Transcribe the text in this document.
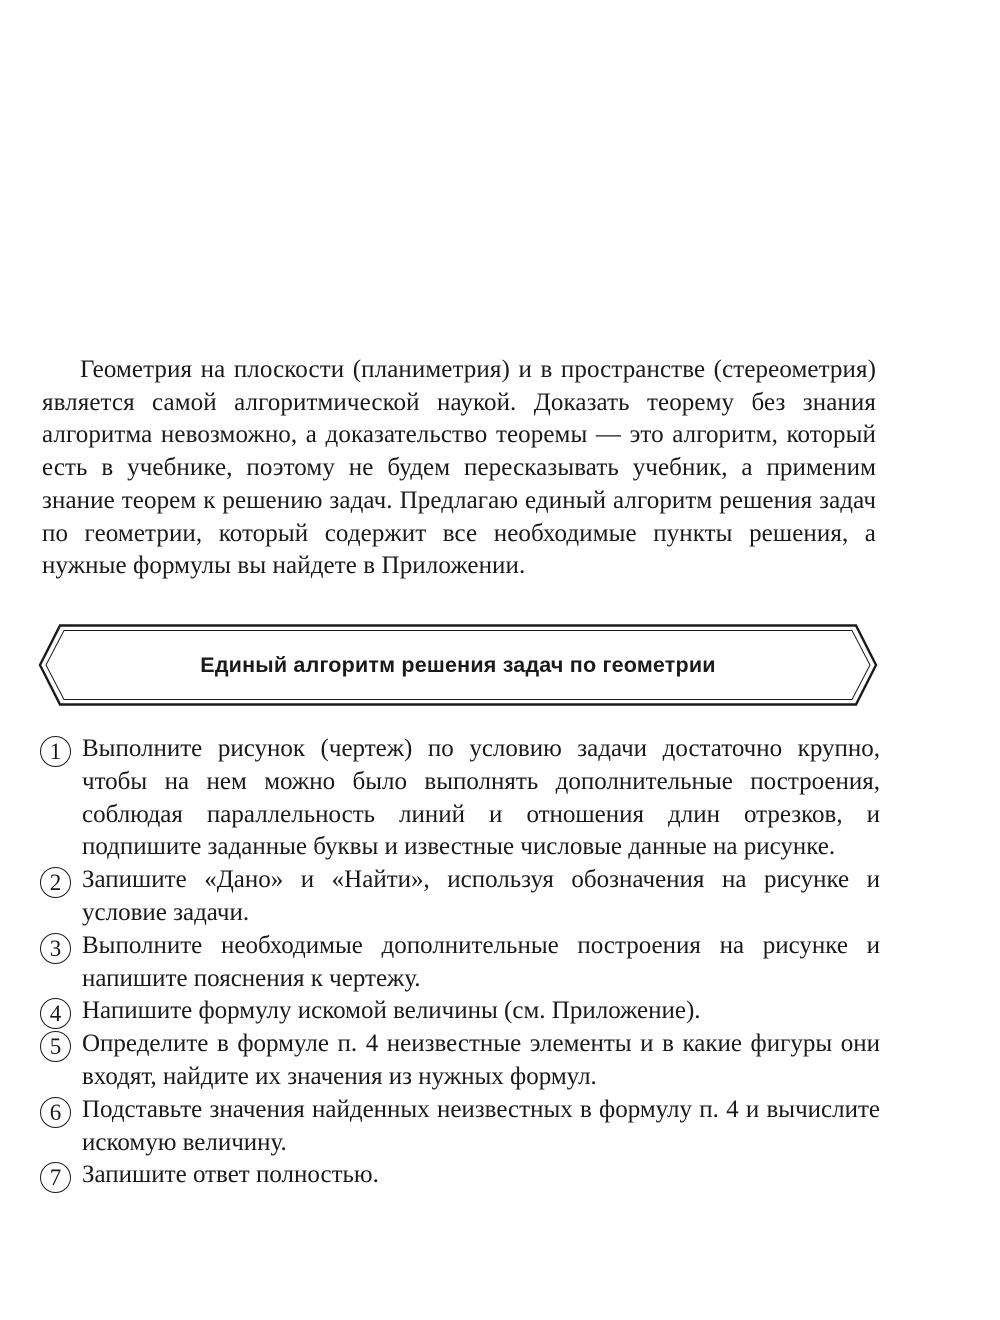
Геометрия на плоскости (планиметрия) и в пространстве (стереометрия) является самой алгоритмической наукой. Доказать теорему без знания алгоритма невозможно, а доказательство теоремы — это алгоритм, который есть в учебнике, поэтому не будем пересказывать учебник, а применим знание теорем к решению задач. Предлагаю единый алгоритм решения задач по геометрии, который содержит все необходимые пункты решения, а нужные формулы вы найдете в Приложении.

Единый алгоритм решения задач по геометрии
1 Выполните рисунок (чертеж) по условию задачи достаточно крупно, чтобы на нем можно было выполнять дополнительные построения, соблюдая параллельность линий и отношения длин отрезков, и подпишите заданные буквы и известные числовые данные на рисунке.
2 Запишите «Дано» и «Найти», используя обозначения на рисунке и условие задачи.
3 Выполните необходимые дополнительные построения на рисунке и напишите пояснения к чертежу.
4 Напишите формулу искомой величины (см. Приложение).
5 Определите в формуле п. 4 неизвестные элементы и в какие фигуры они входят, найдите их значения из нужных формул.
6 Подставьте значения найденных неизвестных в формулу п. 4 и вычислите искомую величину.
7 Запишите ответ полностью.
